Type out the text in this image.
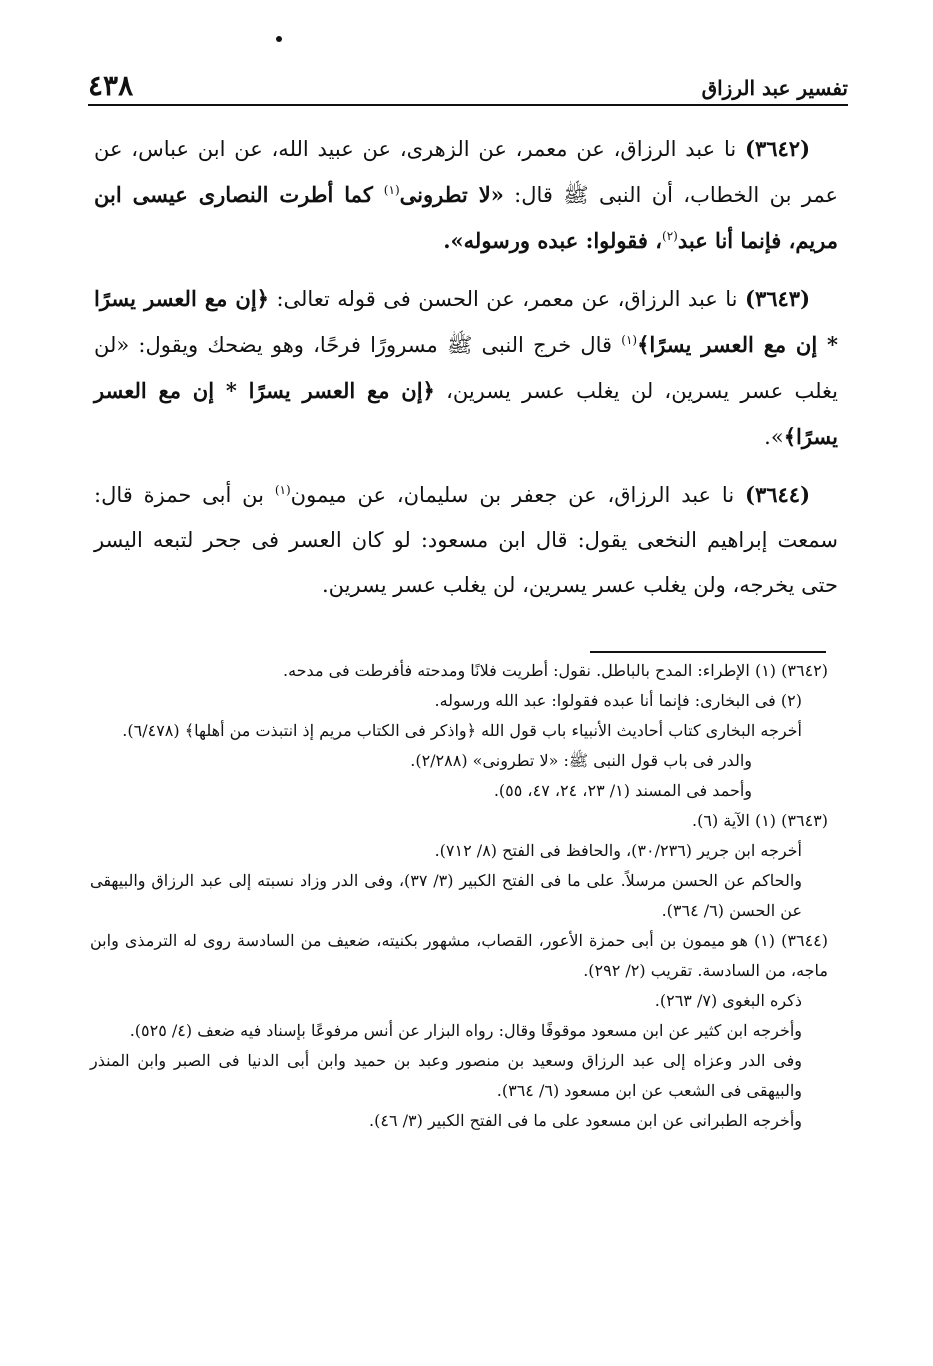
٤٣٨	تفسير عبد الرزاق

(٣٦٤٢) نا عبد الرزاق، عن معمر، عن الزهرى، عن عبيد الله، عن ابن عباس، عن عمر بن الخطاب، أن النبى ﷺ قال: «لا تطرونى$^{(١)}$ كما أطرت النصارى عيسى ابن مريم، فإنما أنا عبد$^{(٢)}$، فقولوا: عبده ورسوله».

(٣٦٤٣) نا عبد الرزاق، عن معمر، عن الحسن فى قوله تعالى: ﴿إن مع العسر يسرًا * إن مع العسر يسرًا﴾$^{(١)}$ قال خرج النبى ﷺ مسرورًا فرحًا، وهو يضحك ويقول: «لن يغلب عسر يسرين، لن يغلب عسر يسرين، ﴿إن مع العسر يسرًا * إن مع العسر يسرًا﴾».

(٣٦٤٤) نا عبد الرزاق، عن جعفر بن سليمان، عن ميمون$^{(١)}$ بن أبى حمزة قال: سمعت إبراهيم النخعى يقول: قال ابن مسعود: لو كان العسر فى جحر لتبعه اليسر حتى يخرجه، ولن يغلب عسر يسرين، لن يغلب عسر يسرين.

(٣٦٤٢) (١) الإطراء: المدح بالباطل. نقول: أطريت فلانًا ومدحته فأفرطت فى مدحه.

(٢) فى البخارى: فإنما أنا عبده فقولوا: عبد الله ورسوله.

أخرجه البخارى كتاب أحاديث الأنبياء باب قول الله ﴿واذكر فى الكتاب مريم إذ انتبذت من أهلها﴾ (٦/٤٧٨).

والدر فى باب قول النبى ﷺ: «لا تطرونى» (٢/٢٨٨).

وأحمد فى المسند (١/ ٢٣، ٢٤، ٤٧، ٥٥).

(٣٦٤٣) (١) الآية (٦).

أخرجه ابن جرير (٣٠/٢٣٦)، والحافظ فى الفتح (٨/ ٧١٢).

والحاكم عن الحسن مرسلاً. على ما فى الفتح الكبير (٣/ ٣٧)، وفى الدر وزاد نسبته إلى عبد الرزاق والبيهقى عن الحسن (٦/ ٣٦٤).

(٣٦٤٤) (١) هو ميمون بن أبى حمزة الأعور، القصاب، مشهور بكنيته، ضعيف من السادسة روى له الترمذى وابن ماجه، من السادسة. تقريب (٢/ ٢٩٢).

ذكره البغوى (٧/ ٢٦٣).

وأخرجه ابن كثير عن ابن مسعود موقوفًا وقال: رواه البزار عن أنس مرفوعًا بإسناد فيه ضعف (٤/ ٥٢٥).

وفى الدر وعزاه إلى عبد الرزاق وسعيد بن منصور وعبد بن حميد وابن أبى الدنيا فى الصبر وابن المنذر والبيهقى فى الشعب عن ابن مسعود (٦/ ٣٦٤).

وأخرجه الطبرانى عن ابن مسعود على ما فى الفتح الكبير (٣/ ٤٦).
